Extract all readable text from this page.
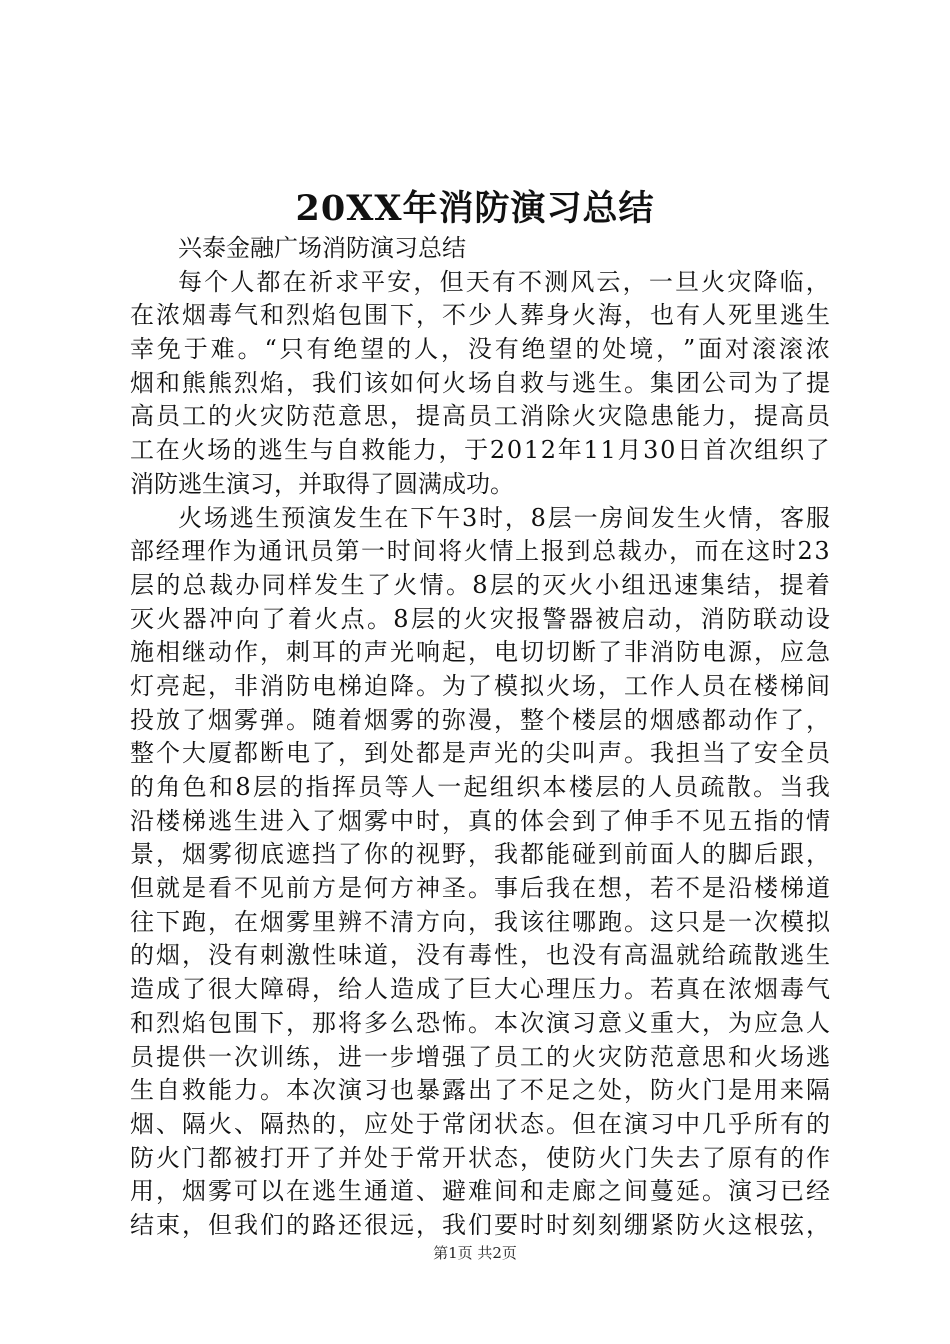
20XX年消防演习总结
兴泰金融广场消防演习总结
每 个 人 都 在 祈 求 平 安 ， 但 天 有 不 测 风 云 ， 一 旦 火 灾 降 临 ，
在 浓 烟 毒 气 和 烈 焰 包 围 下 ， 不 少 人 葬 身 火 海 ， 也 有 人 死 里 逃 生
幸 免 于 难 。 “ 只 有 绝 望 的 人 ， 没 有 绝 望 的 处 境 ， ” 面 对 滚 滚 浓
烟 和 熊 熊 烈 焰 ， 我 们 该 如 何 火 场 自 救 与 逃 生 。 集 团 公 司 为 了 提
高 员 工 的 火 灾 防 范 意 思 ， 提 高 员 工 消 除 火 灾 隐 患 能 力 ， 提 高 员
工 在 火 场 的 逃 生 与 自 救 能 力 ， 于 2 0 1 2 年 1 1 月 3 0 日 首 次 组 织 了
消防逃生演习，并取得了圆满成功。
火 场 逃 生 预 演 发 生 在 下 午 3 时 ， 8 层 一 房 间 发 生 火 情 ， 客 服
部 经 理 作 为 通 讯 员 第 一 时 间 将 火 情 上 报 到 总 裁 办 ， 而 在 这 时 2 3
层 的 总 裁 办 同 样 发 生 了 火 情 。 8 层 的 灭 火 小 组 迅 速 集 结 ， 提 着
灭 火 器 冲 向 了 着 火 点 。 8 层 的 火 灾 报 警 器 被 启 动 ， 消 防 联 动 设
施 相 继 动 作 ， 刺 耳 的 声 光 响 起 ， 电 切 切 断 了 非 消 防 电 源 ， 应 急
灯 亮 起 ， 非 消 防 电 梯 迫 降 。 为 了 模 拟 火 场 ， 工 作 人 员 在 楼 梯 间
投 放 了 烟 雾 弹 。 随 着 烟 雾 的 弥 漫 ， 整 个 楼 层 的 烟 感 都 动 作 了 ，
整 个 大 厦 都 断 电 了 ， 到 处 都 是 声 光 的 尖 叫 声 。 我 担 当 了 安 全 员
的 角 色 和 8 层 的 指 挥 员 等 人 一 起 组 织 本 楼 层 的 人 员 疏 散 。 当 我
沿 楼 梯 逃 生 进 入 了 烟 雾 中 时 ， 真 的 体 会 到 了 伸 手 不 见 五 指 的 情
景 ， 烟 雾 彻 底 遮 挡 了 你 的 视 野 ， 我 都 能 碰 到 前 面 人 的 脚 后 跟 ，
但 就 是 看 不 见 前 方 是 何 方 神 圣 。 事 后 我 在 想 ， 若 不 是 沿 楼 梯 道
往 下 跑 ， 在 烟 雾 里 辨 不 清 方 向 ， 我 该 往 哪 跑 。 这 只 是 一 次 模 拟
的 烟 ， 没 有 刺 激 性 味 道 ， 没 有 毒 性 ， 也 没 有 高 温 就 给 疏 散 逃 生
造 成 了 很 大 障 碍 ， 给 人 造 成 了 巨 大 心 理 压 力 。 若 真 在 浓 烟 毒 气
和 烈 焰 包 围 下 ， 那 将 多 么 恐 怖 。 本 次 演 习 意 义 重 大 ， 为 应 急 人
员 提 供 一 次 训 练 ， 进 一 步 增 强 了 员 工 的 火 灾 防 范 意 思 和 火 场 逃
生 自 救 能 力 。 本 次 演 习 也 暴 露 出 了 不 足 之 处 ， 防 火 门 是 用 来 隔
烟 、 隔 火 、 隔 热 的 ， 应 处 于 常 闭 状 态 。 但 在 演 习 中 几 乎 所 有 的
防 火 门 都 被 打 开 了 并 处 于 常 开 状 态 ， 使 防 火 门 失 去 了 原 有 的 作
用 ， 烟 雾 可 以 在 逃 生 通 道 、 避 难 间 和 走 廊 之 间 蔓 延 。 演 习 已 经
结 束 ， 但 我 们 的 路 还 很 远 ， 我 们 要 时 时 刻 刻 绷 紧 防 火 这 根 弦 ，
第1页 共2页
